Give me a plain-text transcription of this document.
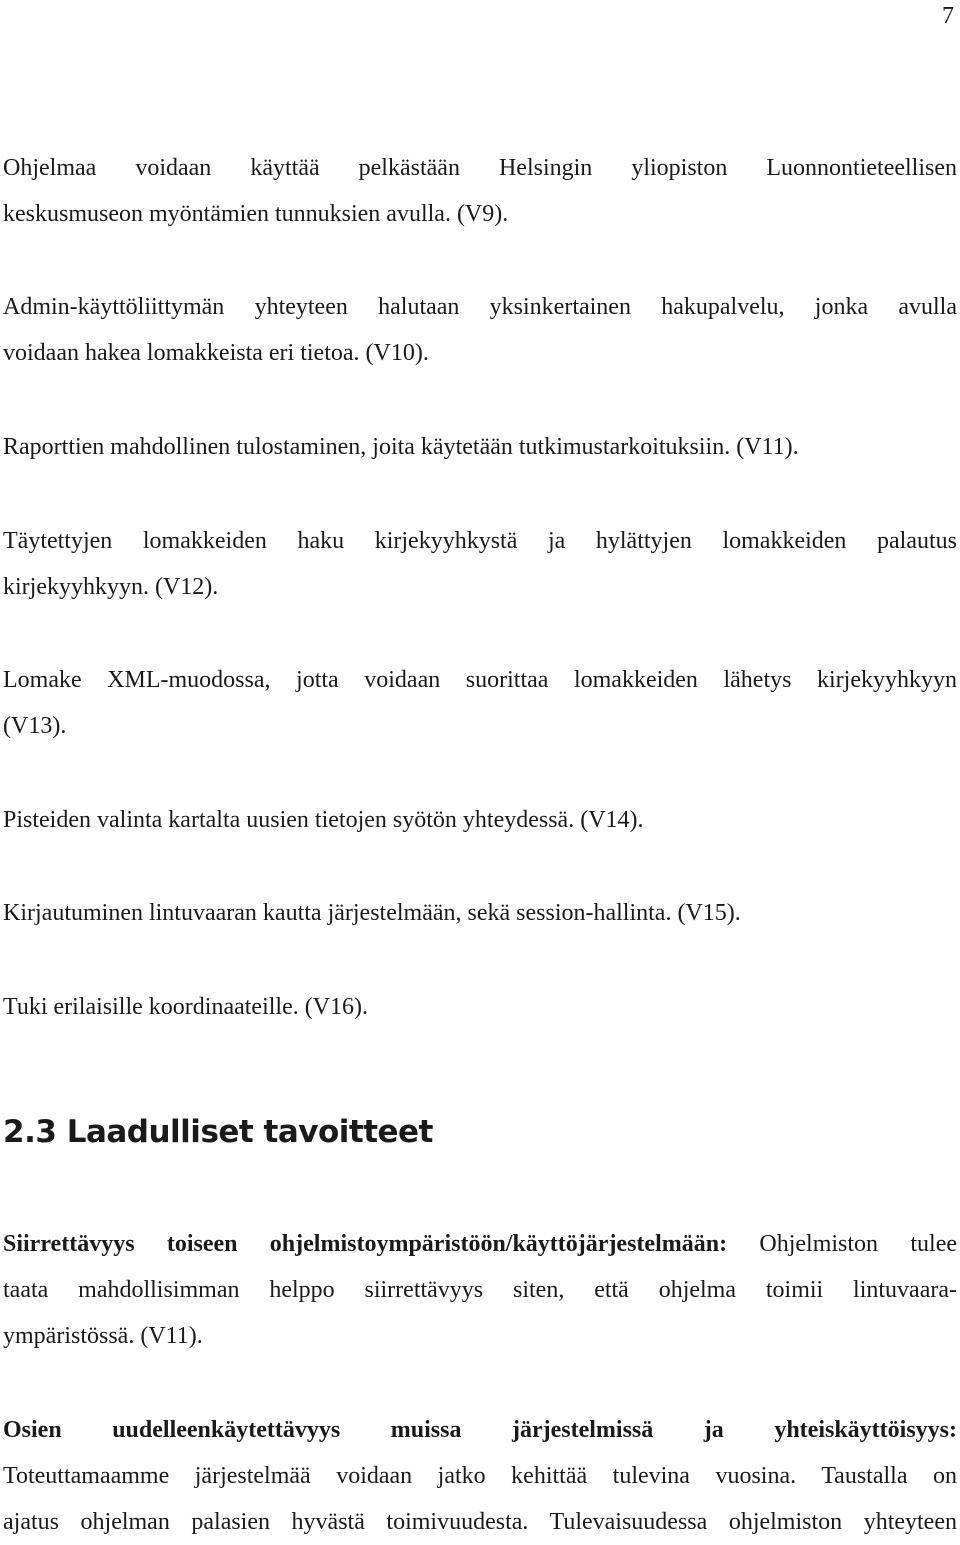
7

Ohjelmaa voidaan käyttää pelkästään Helsingin yliopiston Luonnontieteellisen
keskusmuseon myöntämien tunnuksien avulla. (V9).

Admin-käyttöliittymän yhteyteen halutaan yksinkertainen hakupalvelu, jonka avulla
voidaan hakea lomakkeista eri tietoa. (V10).

Raporttien mahdollinen tulostaminen, joita käytetään tutkimustarkoituksiin. (V11).

Täytettyjen lomakkeiden haku kirjekyyhkystä ja hylättyjen lomakkeiden palautus
kirjekyyhkyyn. (V12).

Lomake XML-muodossa, jotta voidaan suorittaa lomakkeiden lähetys kirjekyyhkyyn
(V13).

Pisteiden valinta kartalta uusien tietojen syötön yhteydessä. (V14).

Kirjautuminen lintuvaaran kautta järjestelmään, sekä session-hallinta. (V15).

Tuki erilaisille koordinaateille. (V16).

2.3 Laadulliset tavoitteet

Siirrettävyys toiseen ohjelmistoympäristöön/käyttöjärjestelmään: Ohjelmiston tulee
taata mahdollisimman helppo siirrettävyys siten, että ohjelma toimii lintuvaara-
ympäristössä. (V11).

Osien uudelleenkäytettävyys muissa järjestelmissä ja yhteiskäyttöisyys:
Toteuttamaamme järjestelmää voidaan jatko kehittää tulevina vuosina. Taustalla on
ajatus ohjelman palasien hyvästä toimivuudesta. Tulevaisuudessa ohjelmiston yhteyteen
